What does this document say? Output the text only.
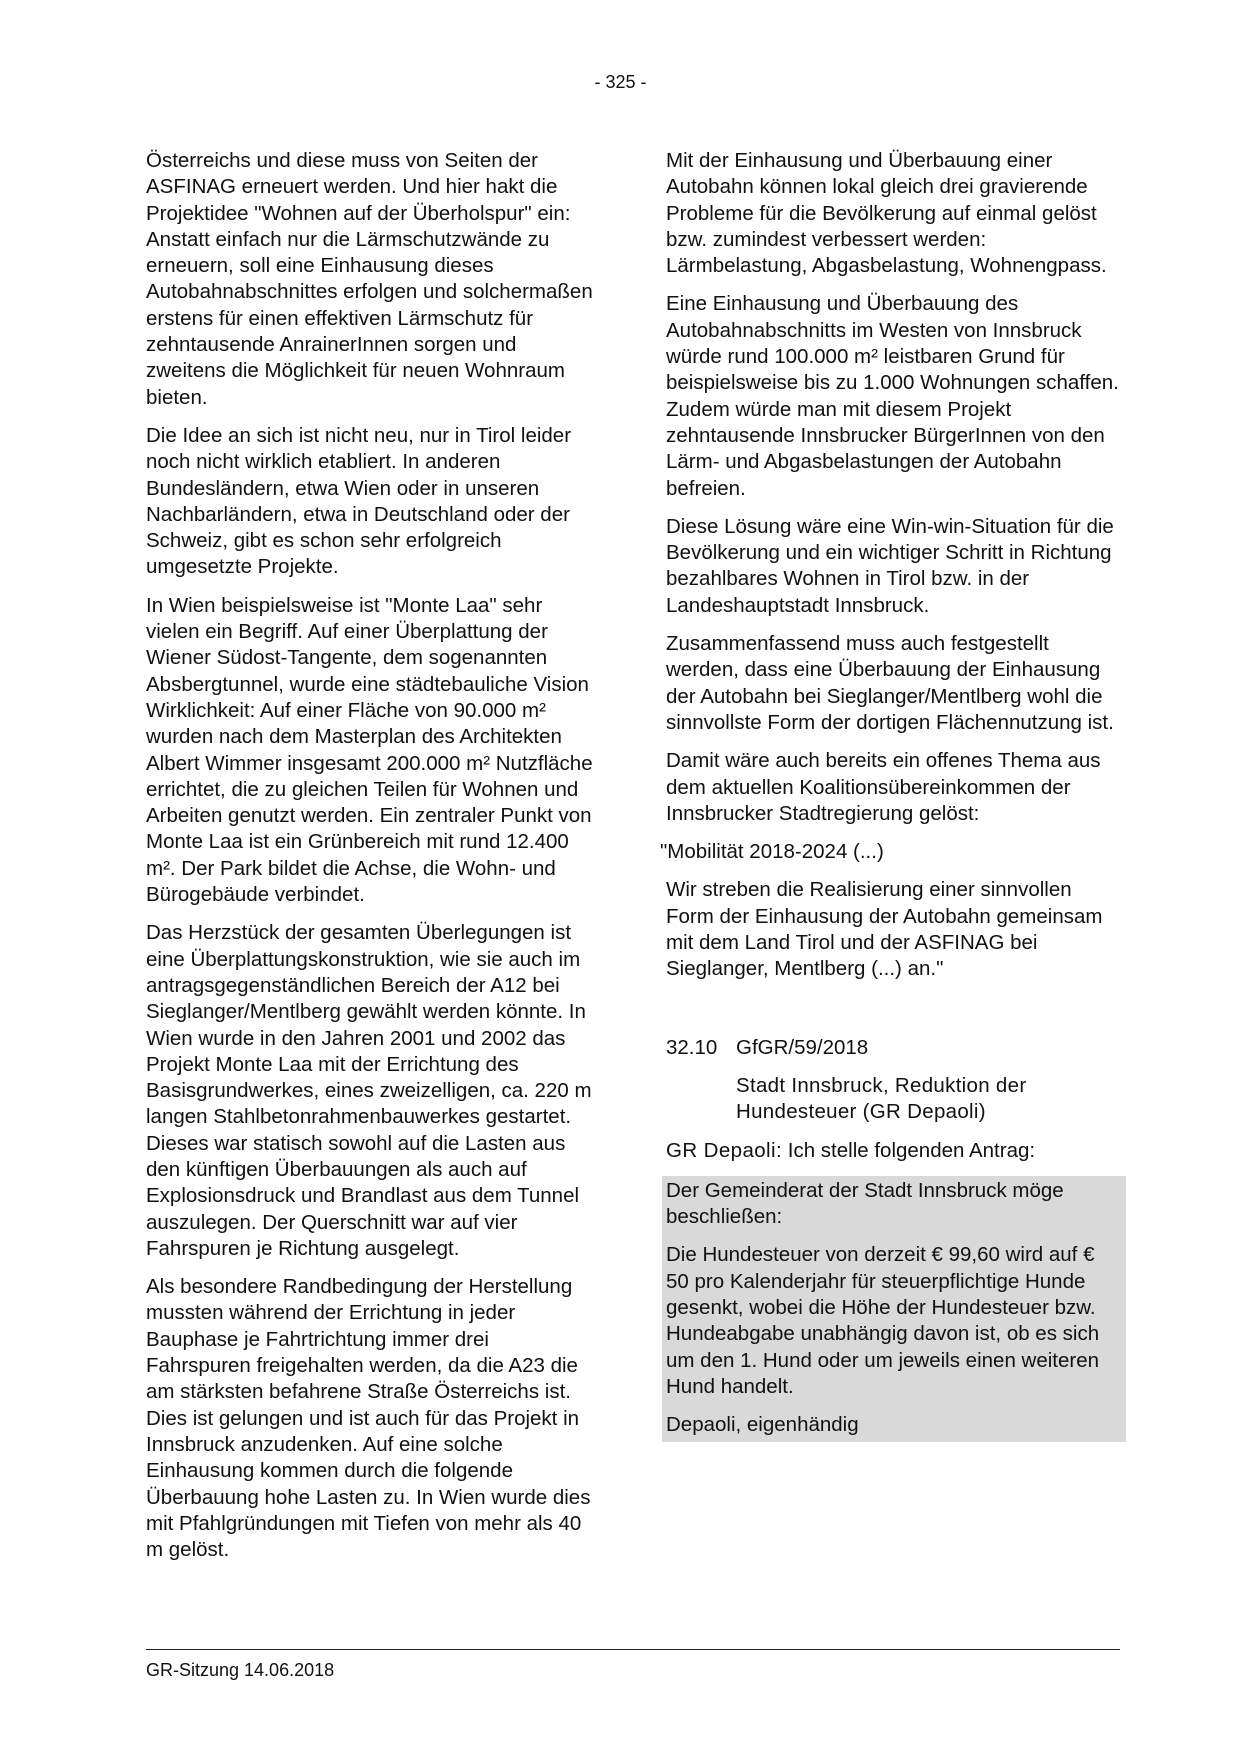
- 325 -

Österreichs und diese muss von Seiten der ASFINAG erneuert werden. Und hier hakt die Projektidee "Wohnen auf der Überholspur" ein: Anstatt einfach nur die Lärmschutzwände zu erneuern, soll eine Einhausung dieses Autobahnabschnittes erfolgen und solchermaßen erstens für einen effektiven Lärmschutz für zehntausende AnrainerInnen sorgen und zweitens die Möglichkeit für neuen Wohnraum bieten.

Die Idee an sich ist nicht neu, nur in Tirol leider noch nicht wirklich etabliert. In anderen Bundesländern, etwa Wien oder in unseren Nachbarländern, etwa in Deutschland oder der Schweiz, gibt es schon sehr erfolgreich umgesetzte Projekte.

In Wien beispielsweise ist "Monte Laa" sehr vielen ein Begriff. Auf einer Überplattung der Wiener Südost-Tangente, dem sogenannten Absbergtunnel, wurde eine städtebauliche Vision Wirklichkeit: Auf einer Fläche von 90.000 m² wurden nach dem Masterplan des Architekten Albert Wimmer insgesamt 200.000 m² Nutzfläche errichtet, die zu gleichen Teilen für Wohnen und Arbeiten genutzt werden. Ein zentraler Punkt von Monte Laa ist ein Grünbereich mit rund 12.400 m². Der Park bildet die Achse, die Wohn- und Bürogebäude verbindet.

Das Herzstück der gesamten Überlegungen ist eine Überplattungskonstruktion, wie sie auch im antragsgegenständlichen Bereich der A12 bei Sieglanger/Mentlberg gewählt werden könnte. In Wien wurde in den Jahren 2001 und 2002 das Projekt Monte Laa mit der Errichtung des Basisgrundwerkes, eines zweizelligen, ca. 220 m langen Stahlbetonrahmenbauwerkes gestartet. Dieses war statisch sowohl auf die Lasten aus den künftigen Überbauungen als auch auf Explosionsdruck und Brandlast aus dem Tunnel auszulegen. Der Querschnitt war auf vier Fahrspuren je Richtung ausgelegt.

Als besondere Randbedingung der Herstellung mussten während der Errichtung in jeder Bauphase je Fahrtrichtung immer drei Fahrspuren freigehalten werden, da die A23 die am stärksten befahrene Straße Österreichs ist. Dies ist gelungen und ist auch für das Projekt in Innsbruck anzudenken. Auf eine solche Einhausung kommen durch die folgende Überbauung hohe Lasten zu. In Wien wurde dies mit Pfahlgründungen mit Tiefen von mehr als 40 m gelöst.

Mit der Einhausung und Überbauung einer Autobahn können lokal gleich drei gravierende Probleme für die Bevölkerung auf einmal gelöst bzw. zumindest verbessert werden: Lärmbelastung, Abgasbelastung, Wohnengpass.

Eine Einhausung und Überbauung des Autobahnabschnitts im Westen von Innsbruck würde rund 100.000 m² leistbaren Grund für beispielsweise bis zu 1.000 Wohnungen schaffen. Zudem würde man mit diesem Projekt zehntausende Innsbrucker BürgerInnen von den Lärm- und Abgasbelastungen der Autobahn befreien.

Diese Lösung wäre eine Win-win-Situation für die Bevölkerung und ein wichtiger Schritt in Richtung bezahlbares Wohnen in Tirol bzw. in der Landeshauptstadt Innsbruck.

Zusammenfassend muss auch festgestellt werden, dass eine Überbauung der Einhausung der Autobahn bei Sieglanger/Mentlberg wohl die sinnvollste Form der dortigen Flächennutzung ist.

Damit wäre auch bereits ein offenes Thema aus dem aktuellen Koalitionsübereinkommen der Innsbrucker Stadtregierung gelöst:

"Mobilität 2018-2024 (...)

Wir streben die Realisierung einer sinnvollen Form der Einhausung der Autobahn gemeinsam mit dem Land Tirol und der ASFINAG bei Sieglanger, Mentlberg (...) an."

32.10 GfGR/59/2018
Stadt Innsbruck, Reduktion der Hundesteuer (GR Depaoli)

GR Depaoli: Ich stelle folgenden Antrag:

Der Gemeinderat der Stadt Innsbruck möge beschließen:

Die Hundesteuer von derzeit € 99,60 wird auf € 50 pro Kalenderjahr für steuerpflichtige Hunde gesenkt, wobei die Höhe der Hundesteuer bzw. Hundeabgabe unabhängig davon ist, ob es sich um den 1. Hund oder um jeweils einen weiteren Hund handelt.

Depaoli, eigenhändig

GR-Sitzung 14.06.2018
